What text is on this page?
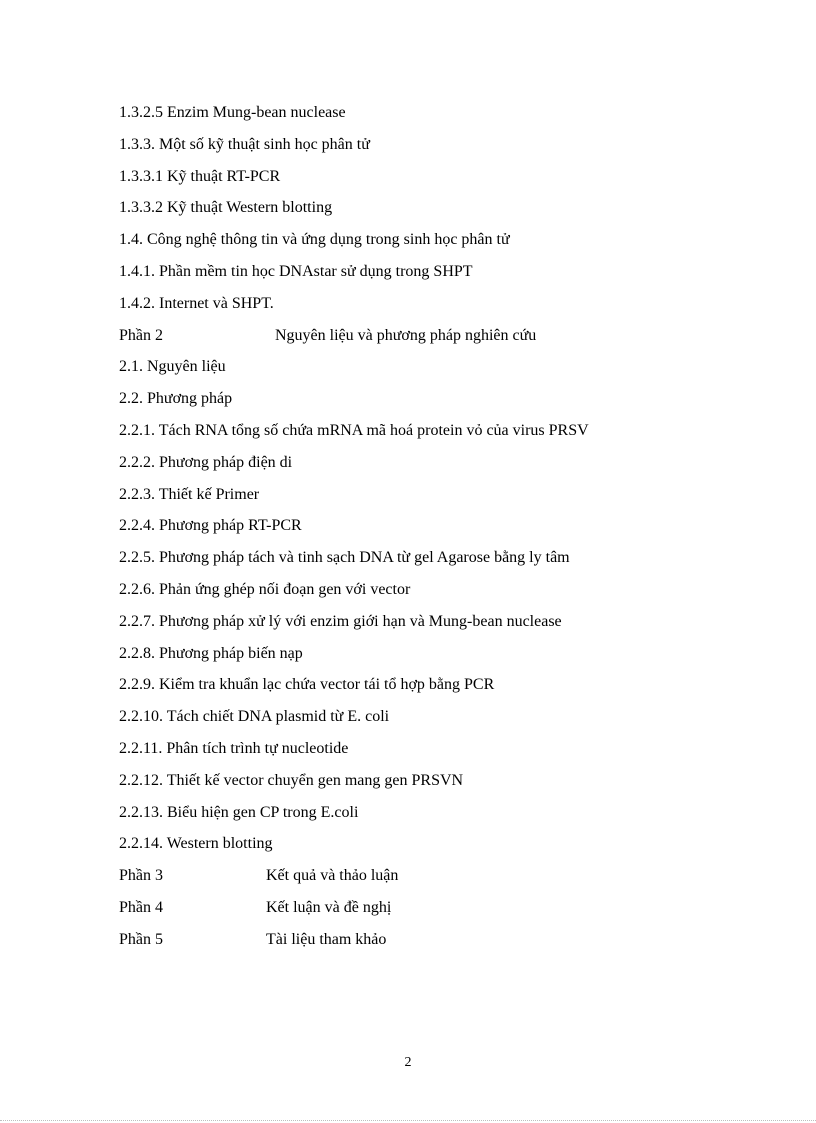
1.3.2.5 Enzim Mung-bean nuclease
1.3.3. Một số kỹ thuật sinh học phân tử
1.3.3.1 Kỹ thuật RT-PCR
1.3.3.2 Kỹ thuật Western blotting
1.4. Công nghệ thông tin và ứng dụng trong sinh học phân tử
1.4.1. Phần mềm tin học DNAstar sử dụng trong SHPT
1.4.2. Internet và SHPT.
Phần 2	Nguyên liệu và phương pháp nghiên cứu
2.1. Nguyên liệu
2.2. Phương pháp
2.2.1. Tách RNA tổng số chứa mRNA mã hoá protein vỏ của virus PRSV
2.2.2. Phương pháp điện di
2.2.3. Thiết kế Primer
2.2.4. Phương pháp RT-PCR
2.2.5. Phương pháp tách và tinh sạch DNA từ gel Agarose bằng ly tâm
2.2.6. Phản ứng ghép nối đoạn gen với vector
2.2.7. Phương pháp xử lý với enzim giới hạn và Mung-bean nuclease
2.2.8. Phương pháp biến nạp
2.2.9. Kiểm tra khuẩn lạc chứa vector tái tổ hợp bằng PCR
2.2.10. Tách chiết DNA plasmid từ E. coli
2.2.11. Phân tích trình tự nucleotide
2.2.12. Thiết kế vector chuyển gen mang gen PRSVN
2.2.13. Biểu hiện gen CP trong E.coli
2.2.14. Western blotting
Phần 3	Kết quả và thảo luận
Phần 4	Kết luận và đề nghị
Phần 5	Tài liệu tham khảo
2
